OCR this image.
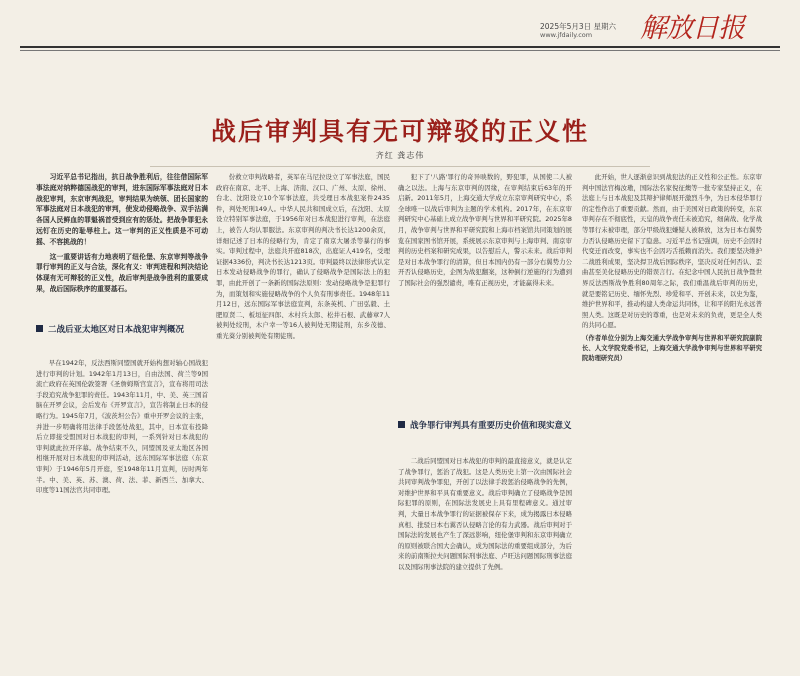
2025年5月3日 星期六
www.jfdaily.com 解放日报
战后审判具有无可辩驳的正义性
齐红 龚志伟

习近平总书记指出，抗日战争胜利后，往往借国际军事法庭对纳粹德国战犯的审判，进东国际军事法庭对日本战犯审判，东京审判战犯，审判结果为统领、团长国家的军事法庭对日本战犯的审判，使发动侵略战争、双手沾满各国人民鲜血的罪魁祸首受到应有的惩处。把战争罪犯永远钉在历史的耻辱柱上。这一审判的正义性质是不可动摇、不容挑战的！

这一重要讲话有力地表明了纽伦堡、东京审判等战争罪行审判的正义与合法，深化有义：审判进程和判决结论体现有无可辩驳的正义性，战后审判是战争胜利的重要成果，战后国际秩序的重要基石。

二战后亚太地区对日本战犯审判概况

早在1942年，反法西斯同盟国就开始构想对轴心国战犯进行审判的计划。1942年1月13日，自由法国、荷兰等9国流亡政府在英国伦敦签署《圣詹姆斯宫宣言》，宣布将用司法手段追究战争犯罪的责任。1943年11月，中、美、英三国首脑在开罗会议，会后发布《开罗宣言》，宣告将制止日本的侵略行为。1945年7月，《波茨坦公告》重申开罗会议的主张，并进一步明确将用法律手段惩处战犯，其中，日本宣布投降后立即接受盟国对日本战犯的审判，一系列针对日本战犯的审判就此拉开序幕。战争结束不久，同盟国及亚太地区各国相继开展对日本战犯的审判活动，远东国际军事法庭（东京审判）于1946年5月开庭，至1948年11月宣判，历时两年半。中、美、英、苏、澳、荷、法、菲、新西兰、加拿大、印度等11国法官共同审理。

份救立审判战略者，英军在马尼拉设立了军事法庭，国民政府在南京、北平、上海、济南、汉口、广州、太原、徐州、台北、沈阳设立10个军事法庭，共受理日本战犯案件2435件，判处死刑149人。中华人民共和国成立后，在沈阳、太原设立特别军事法庭，于1956年对日本战犯进行审判，在法庭上，被告人均认罪服法。东京审判的判决书长达1200余页，详细记述了日本的侵略行为，肯定了南京大屠杀等暴行的事实。审判过程中，法庭共开庭818次，出庭证人419名，受理证据4336份，判决书长达1213页。审判最终以法律形式认定日本发动侵略战争的罪行，确认了侵略战争是国际法上的犯罪，由此开创了一条新的国际法原则：发动侵略战争是犯罪行为，而策划和实施侵略战争的个人负有刑事责任。1948年11月12日，远东国际军事法庭宣判，东条英机、广田弘毅、土肥原贤二、板垣征四郎、木村兵太郎、松井石根、武藤章7人被判处绞刑，木户幸一等16人被判处无期徒刑，东乡茂德、重光葵分别被判处有期徒刑。

犯下了'八路'罪行的奇异映数的，野犯罪，从国使二人被确之以法。上海与东京审判的因缘，在审判结束后63年的开启新。2011年5月，上海交通大学成立东京审判研究中心，系全球唯一以战后审判为主题的学术机构。2017年，在东京审判研究中心基础上成立战争审判与世界和平研究院。2025年8月，战争审判与世界和平研究院和上海市档案馆共同策划的展览在国家图书馆开展，系统展示东京审判与上海审判、南京审判的历史档案和研究成果，以告慰后人，警示未来。战后审判是对日本战争罪行的清算，但日本国内仍有一部分右翼势力公开否认侵略历史，企图为战犯翻案，这种倒行逆施的行为遭到了国际社会的强烈谴责，唯有正视历史，才能赢得未来。

战争罪行审判具有重要历史价值和现实意义

二战后同盟国对日本战犯的审判的最直接意义，就是认定了战争罪行，惩治了战犯。这是人类历史上第一次由国际社会共同审判战争罪犯，开创了以法律手段惩治侵略战争的先例，对维护世界和平具有重要意义。战后审判确立了侵略战争是国际犯罪的原则，在国际法发展史上具有里程碑意义。通过审判，大量日本战争罪行的证据被保存下来，成为揭露日本侵略真相、批驳日本右翼否认侵略言论的有力武器。战后审判对于国际法的发展也产生了深远影响，纽伦堡审判和东京审判确立的原则被联合国大会确认，成为国际法的重要组成部分，为后来的前南斯拉夫问题国际刑事法庭、卢旺达问题国际刑事法庭以及国际刑事法院的建立提供了先例。

此开始，世人逐渐意识到战犯法的正义性和公正性。东京审判中国法官梅汝璈，国际法名家倪征燠等一批专家坚持正义，在法庭上与日本战犯及其辩护律师展开激烈斗争，为日本侵华罪行的定性作出了重要贡献。然而，由于美国对日政策的转变，东京审判存在不彻底性，天皇的战争责任未被追究，细菌战、化学战等罪行未被审理，部分甲级战犯嫌疑人被释放，这为日本右翼势力否认侵略历史留下了隐患。习近平总书记强调，历史不会因时代变迁而改变，事实也不会因巧舌抵赖而消失。我们要坚决维护二战胜利成果，坚决捍卫战后国际秩序，坚决反对任何否认、歪曲甚至美化侵略历史的错误言行。在纪念中国人民抗日战争暨世界反法西斯战争胜利80周年之际，我们重温战后审判的历史，就是要铭记历史、缅怀先烈、珍爱和平、开创未来，以史为鉴，维护世界和平，推动构建人类命运共同体，让和平的阳光永远普照人类。这既是对历史的尊重，也是对未来的负责，更是全人类的共同心愿。

（作者单位分别为上海交通大学战争审判与世界和平研究院副院长、人文学院党委书记，上海交通大学战争审判与世界和平研究院助理研究员）
